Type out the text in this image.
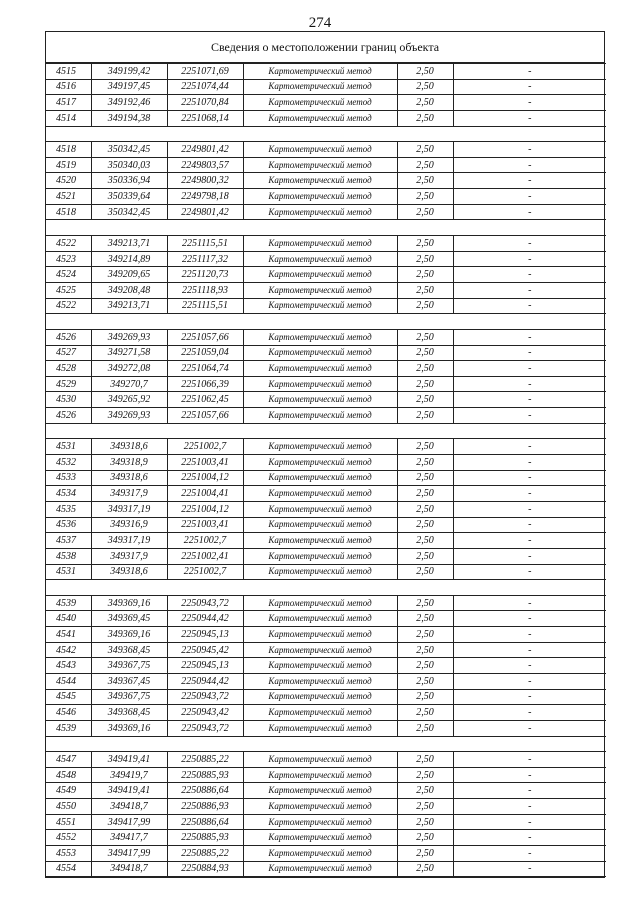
274
Сведения о местоположении границ объекта
4515	349199,42	2251071,69	Картометрический метод	2,50	-
4516	349197,45	2251074,44	Картометрический метод	2,50	-
4517	349192,46	2251070,84	Картометрический метод	2,50	-
4514	349194,38	2251068,14	Картометрический метод	2,50	-

4518	350342,45	2249801,42	Картометрический метод	2,50	-
4519	350340,03	2249803,57	Картометрический метод	2,50	-
4520	350336,94	2249800,32	Картометрический метод	2,50	-
4521	350339,64	2249798,18	Картометрический метод	2,50	-
4518	350342,45	2249801,42	Картометрический метод	2,50	-

4522	349213,71	2251115,51	Картометрический метод	2,50	-
4523	349214,89	2251117,32	Картометрический метод	2,50	-
4524	349209,65	2251120,73	Картометрический метод	2,50	-
4525	349208,48	2251118,93	Картометрический метод	2,50	-
4522	349213,71	2251115,51	Картометрический метод	2,50	-

4526	349269,93	2251057,66	Картометрический метод	2,50	-
4527	349271,58	2251059,04	Картометрический метод	2,50	-
4528	349272,08	2251064,74	Картометрический метод	2,50	-
4529	349270,7	2251066,39	Картометрический метод	2,50	-
4530	349265,92	2251062,45	Картометрический метод	2,50	-
4526	349269,93	2251057,66	Картометрический метод	2,50	-

4531	349318,6	2251002,7	Картометрический метод	2,50	-
4532	349318,9	2251003,41	Картометрический метод	2,50	-
4533	349318,6	2251004,12	Картометрический метод	2,50	-
4534	349317,9	2251004,41	Картометрический метод	2,50	-
4535	349317,19	2251004,12	Картометрический метод	2,50	-
4536	349316,9	2251003,41	Картометрический метод	2,50	-
4537	349317,19	2251002,7	Картометрический метод	2,50	-
4538	349317,9	2251002,41	Картометрический метод	2,50	-
4531	349318,6	2251002,7	Картометрический метод	2,50	-

4539	349369,16	2250943,72	Картометрический метод	2,50	-
4540	349369,45	2250944,42	Картометрический метод	2,50	-
4541	349369,16	2250945,13	Картометрический метод	2,50	-
4542	349368,45	2250945,42	Картометрический метод	2,50	-
4543	349367,75	2250945,13	Картометрический метод	2,50	-
4544	349367,45	2250944,42	Картометрический метод	2,50	-
4545	349367,75	2250943,72	Картометрический метод	2,50	-
4546	349368,45	2250943,42	Картометрический метод	2,50	-
4539	349369,16	2250943,72	Картометрический метод	2,50	-

4547	349419,41	2250885,22	Картометрический метод	2,50	-
4548	349419,7	2250885,93	Картометрический метод	2,50	-
4549	349419,41	2250886,64	Картометрический метод	2,50	-
4550	349418,7	2250886,93	Картометрический метод	2,50	-
4551	349417,99	2250886,64	Картометрический метод	2,50	-
4552	349417,7	2250885,93	Картометрический метод	2,50	-
4553	349417,99	2250885,22	Картометрический метод	2,50	-
4554	349418,7	2250884,93	Картометрический метод	2,50	-
